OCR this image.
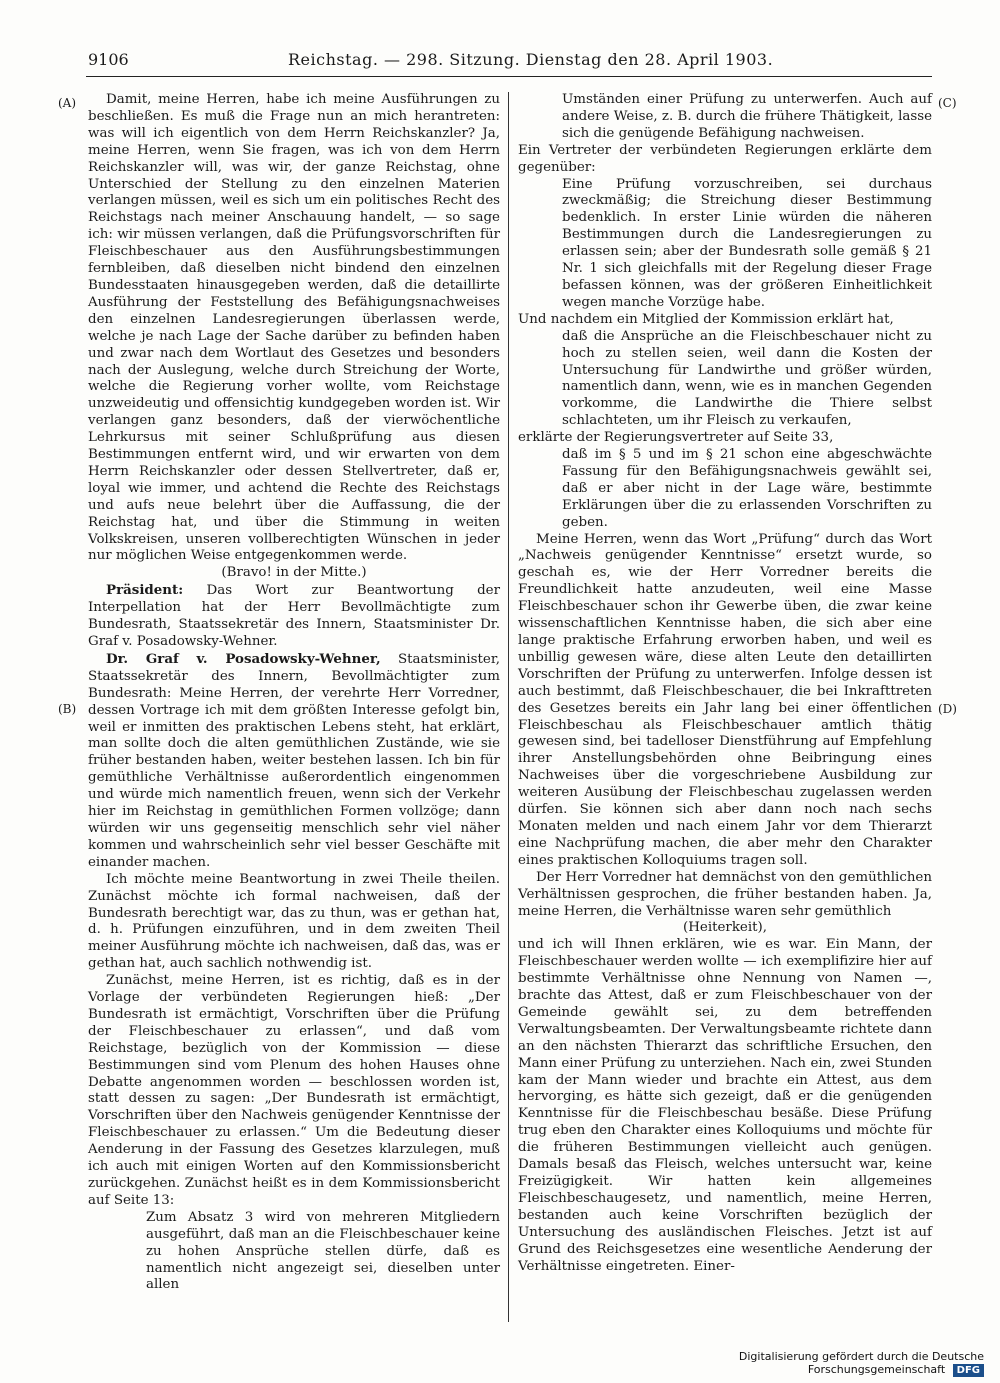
9106	Reichstag. — 298. Sitzung. Dienstag den 28. April 1903.
(A)
(B)
(C)
(D)

Damit, meine Herren, habe ich meine Ausführungen zu beschließen. Es muß die Frage nun an mich herantreten: was will ich eigentlich von dem Herrn Reichskanzler? Ja, meine Herren, wenn Sie fragen, was ich von dem Herrn Reichskanzler will, was wir, der ganze Reichstag, ohne Unterschied der Stellung zu den einzelnen Materien verlangen müssen, weil es sich um ein politisches Recht des Reichstags nach meiner Anschauung handelt, — so sage ich: wir müssen verlangen, daß die Prüfungsvorschriften für Fleischbeschauer aus den Ausführungsbestimmungen fernbleiben, daß dieselben nicht bindend den einzelnen Bundesstaaten hinausgegeben werden, daß die detaillirte Ausführung der Feststellung des Befähigungsnachweises den einzelnen Landesregierungen überlassen werde, welche je nach Lage der Sache darüber zu befinden haben und zwar nach dem Wortlaut des Gesetzes und besonders nach der Auslegung, welche durch Streichung der Worte, welche die Regierung vorher wollte, vom Reichstage unzweideutig und offensichtig kundgegeben worden ist. Wir verlangen ganz besonders, daß der vierwöchentliche Lehrkursus mit seiner Schlußprüfung aus diesen Bestimmungen entfernt wird, und wir erwarten von dem Herrn Reichskanzler oder dessen Stellvertreter, daß er, loyal wie immer, und achtend die Rechte des Reichstags und aufs neue belehrt über die Auffassung, die der Reichstag hat, und über die Stimmung in weiten Volkskreisen, unseren vollberechtigten Wünschen in jeder nur möglichen Weise entgegenkommen werde.

(Bravo! in der Mitte.)

Präsident: Das Wort zur Beantwortung der Interpellation hat der Herr Bevollmächtigte zum Bundesrath, Staatssekretär des Innern, Staatsminister Dr. Graf v. Posadowsky-Wehner.

Dr. Graf v. Posadowsky-Wehner, Staatsminister, Staatssekretär des Innern, Bevollmächtigter zum Bundesrath: Meine Herren, der verehrte Herr Vorredner, dessen Vortrage ich mit dem größten Interesse gefolgt bin, weil er inmitten des praktischen Lebens steht, hat erklärt, man sollte doch die alten gemüthlichen Zustände, wie sie früher bestanden haben, weiter bestehen lassen. Ich bin für gemüthliche Verhältnisse außerordentlich eingenommen und würde mich namentlich freuen, wenn sich der Verkehr hier im Reichstag in gemüthlichen Formen vollzöge; dann würden wir uns gegenseitig menschlich sehr viel näher kommen und wahrscheinlich sehr viel besser Geschäfte mit einander machen.

Ich möchte meine Beantwortung in zwei Theile theilen. Zunächst möchte ich formal nachweisen, daß der Bundesrath berechtigt war, das zu thun, was er gethan hat, d. h. Prüfungen einzuführen, und in dem zweiten Theil meiner Ausführung möchte ich nachweisen, daß das, was er gethan hat, auch sachlich nothwendig ist.

Zunächst, meine Herren, ist es richtig, daß es in der Vorlage der verbündeten Regierungen hieß: „Der Bundesrath ist ermächtigt, Vorschriften über die Prüfung der Fleischbeschauer zu erlassen“, und daß vom Reichstage, bezüglich von der Kommission — diese Bestimmungen sind vom Plenum des hohen Hauses ohne Debatte angenommen worden — beschlossen worden ist, statt dessen zu sagen: „Der Bundesrath ist ermächtigt, Vorschriften über den Nachweis genügender Kenntnisse der Fleischbeschauer zu erlassen.“ Um die Bedeutung dieser Aenderung in der Fassung des Gesetzes klarzulegen, muß ich auch mit einigen Worten auf den Kommissionsbericht zurückgehen. Zunächst heißt es in dem Kommissionsbericht auf Seite 13:

Zum Absatz 3 wird von mehreren Mitgliedern ausgeführt, daß man an die Fleischbeschauer keine zu hohen Ansprüche stellen dürfe, daß es namentlich nicht angezeigt sei, dieselben unter allen

Umständen einer Prüfung zu unterwerfen. Auch auf andere Weise, z. B. durch die frühere Thätigkeit, lasse sich die genügende Befähigung nachweisen.

Ein Vertreter der verbündeten Regierungen erklärte dem gegenüber:

Eine Prüfung vorzuschreiben, sei durchaus zweckmäßig; die Streichung dieser Bestimmung bedenklich. In erster Linie würden die näheren Bestimmungen durch die Landesregierungen zu erlassen sein; aber der Bundesrath solle gemäß § 21 Nr. 1 sich gleichfalls mit der Regelung dieser Frage befassen können, was der größeren Einheitlichkeit wegen manche Vorzüge habe.

Und nachdem ein Mitglied der Kommission erklärt hat,

daß die Ansprüche an die Fleischbeschauer nicht zu hoch zu stellen seien, weil dann die Kosten der Untersuchung für Landwirthe und größer würden, namentlich dann, wenn, wie es in manchen Gegenden vorkomme, die Landwirthe die Thiere selbst schlachteten, um ihr Fleisch zu verkaufen,

erklärte der Regierungsvertreter auf Seite 33,

daß im § 5 und im § 21 schon eine abgeschwächte Fassung für den Befähigungsnachweis gewählt sei, daß er aber nicht in der Lage wäre, bestimmte Erklärungen über die zu erlassenden Vorschriften zu geben.

Meine Herren, wenn das Wort „Prüfung“ durch das Wort „Nachweis genügender Kenntnisse“ ersetzt wurde, so geschah es, wie der Herr Vorredner bereits die Freundlichkeit hatte anzudeuten, weil eine Masse Fleischbeschauer schon ihr Gewerbe üben, die zwar keine wissenschaftlichen Kenntnisse haben, die sich aber eine lange praktische Erfahrung erworben haben, und weil es unbillig gewesen wäre, diese alten Leute den detaillirten Vorschriften der Prüfung zu unterwerfen. Infolge dessen ist auch bestimmt, daß Fleischbeschauer, die bei Inkrafttreten des Gesetzes bereits ein Jahr lang bei einer öffentlichen Fleischbeschau als Fleischbeschauer amtlich thätig gewesen sind, bei tadelloser Dienstführung auf Empfehlung ihrer Anstellungsbehörden ohne Beibringung eines Nachweises über die vorgeschriebene Ausbildung zur weiteren Ausübung der Fleischbeschau zugelassen werden dürfen. Sie können sich aber dann noch nach sechs Monaten melden und nach einem Jahr vor dem Thierarzt eine Nachprüfung machen, die aber mehr den Charakter eines praktischen Kolloquiums tragen soll.

Der Herr Vorredner hat demnächst von den gemüthlichen Verhältnissen gesprochen, die früher bestanden haben. Ja, meine Herren, die Verhältnisse waren sehr gemüthlich

(Heiterkeit),

und ich will Ihnen erklären, wie es war. Ein Mann, der Fleischbeschauer werden wollte — ich exemplifizire hier auf bestimmte Verhältnisse ohne Nennung von Namen —, brachte das Attest, daß er zum Fleischbeschauer von der Gemeinde gewählt sei, zu dem betreffenden Verwaltungsbeamten. Der Verwaltungsbeamte richtete dann an den nächsten Thierarzt das schriftliche Ersuchen, den Mann einer Prüfung zu unterziehen. Nach ein, zwei Stunden kam der Mann wieder und brachte ein Attest, aus dem hervorging, es hätte sich gezeigt, daß er die genügenden Kenntnisse für die Fleischbeschau besäße. Diese Prüfung trug eben den Charakter eines Kolloquiums und möchte für die früheren Bestimmungen vielleicht auch genügen. Damals besaß das Fleisch, welches untersucht war, keine Freizügigkeit. Wir hatten kein allgemeines Fleischbeschaugesetz, und namentlich, meine Herren, bestanden auch keine Vorschriften bezüglich der Untersuchung des ausländischen Fleisches. Jetzt ist auf Grund des Reichsgesetzes eine wesentliche Aenderung der Verhältnisse eingetreten. Einer-

Digitalisierung gefördert durch die Deutsche Forschungsgemeinschaft DFG
